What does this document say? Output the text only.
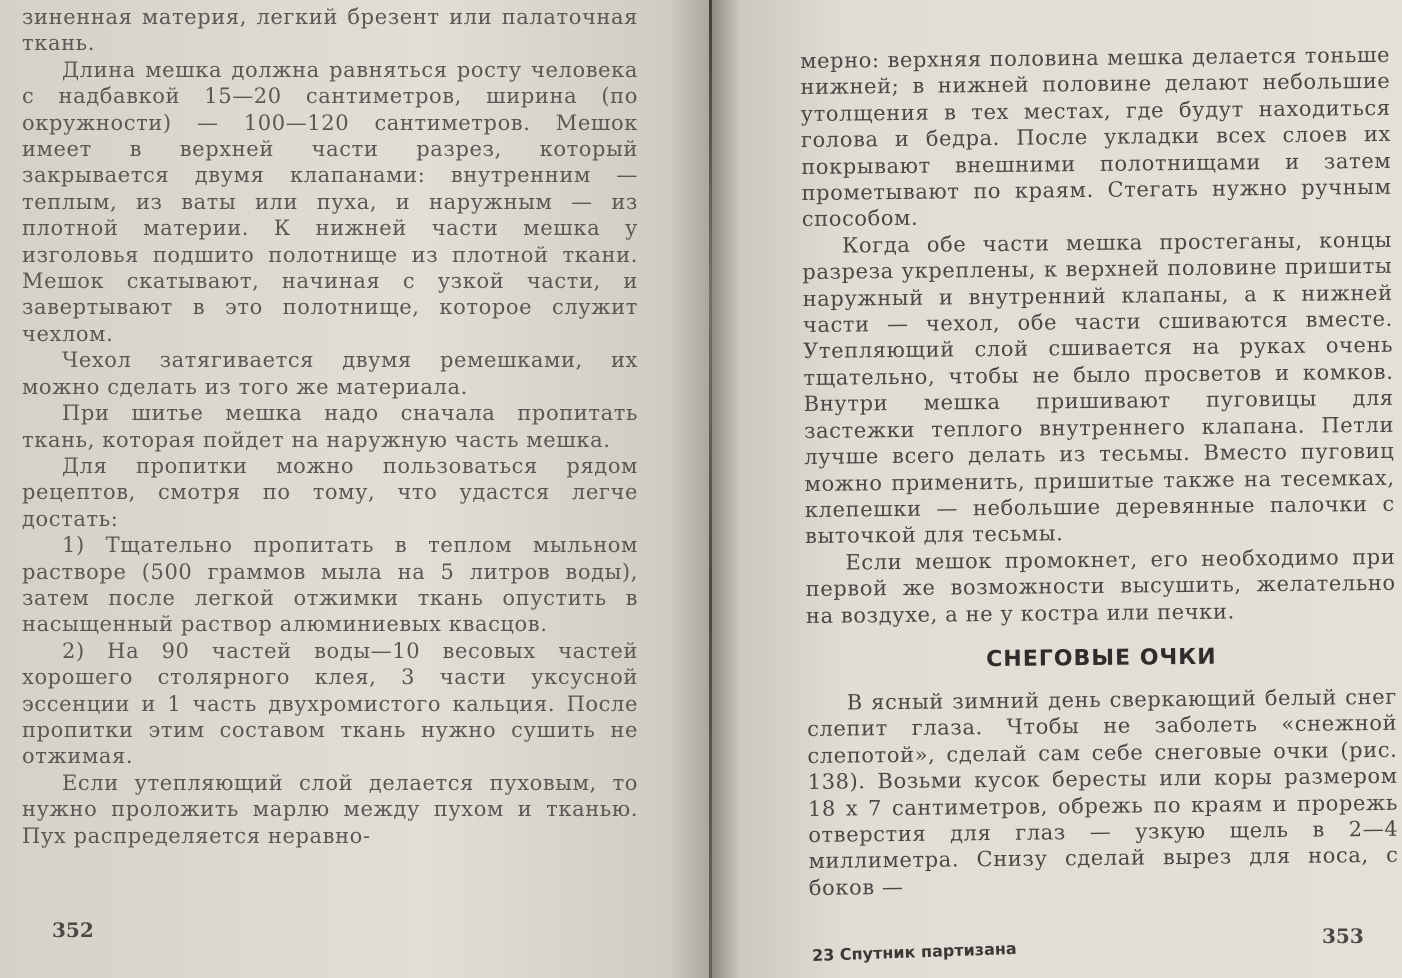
зиненная материя, легкий брезент или палаточная ткань.

Длина мешка должна равняться росту человека с надбавкой 15—20 сантиметров, ширина (по окружности) — 100—120 сантиметров. Мешок имеет в верхней части разрез, который закрывается двумя клапанами: внутренним — теплым, из ваты или пуха, и наружным — из плотной материи. К нижней части мешка у изголовья подшито полотнище из плотной ткани. Мешок скатывают, начиная с узкой части, и завертывают в это полотнище, которое служит чехлом.

Чехол затягивается двумя ремешками, их можно сделать из того же материала.

При шитье мешка надо сначала пропитать ткань, которая пойдет на наружную часть мешка.

Для пропитки можно пользоваться рядом рецептов, смотря по тому, что удастся легче достать:

1) Тщательно пропитать в теплом мыльном растворе (500 граммов мыла на 5 литров воды), затем после легкой отжимки ткань опустить в насыщенный раствор алюминиевых квасцов.

2) На 90 частей воды—10 весовых частей хорошего столярного клея, 3 части уксусной эссенции и 1 часть двухромистого кальция. После пропитки этим составом ткань нужно сушить не отжимая.

Если утепляющий слой делается пуховым, то нужно проложить марлю между пухом и тканью. Пух распределяется неравно-

352

мерно: верхняя половина мешка делается тоньше нижней; в нижней половине делают небольшие утолщения в тех местах, где будут находиться голова и бедра. После укладки всех слоев их покрывают внешними полотнищами и затем прометывают по краям. Стегать нужно ручным способом.

Когда обе части мешка простеганы, концы разреза укреплены, к верхней половине пришиты наружный и внутренний клапаны, а к нижней части — чехол, обе части сшиваются вместе. Утепляющий слой сшивается на руках очень тщательно, чтобы не было просветов и комков. Внутри мешка пришивают пуговицы для застежки теплого внутреннего клапана. Петли лучше всего делать из тесьмы. Вместо пуговиц можно применить, пришитые также на тесемках, клепешки — небольшие деревянные палочки с выточкой для тесьмы.

Если мешок промокнет, его необходимо при первой же возможности высушить, желательно на воздухе, а не у костра или печки.

СНЕГОВЫЕ ОЧКИ

В ясный зимний день сверкающий белый снег слепит глаза. Чтобы не заболеть «снежной слепотой», сделай сам себе снеговые очки (рис. 138). Возьми кусок бересты или коры размером 18 х 7 сантиметров, обрежь по краям и прорежь отверстия для глаз — узкую щель в 2—4 миллиметра. Снизу сделай вырез для носа, с боков —

23 Спутник партизана
353
